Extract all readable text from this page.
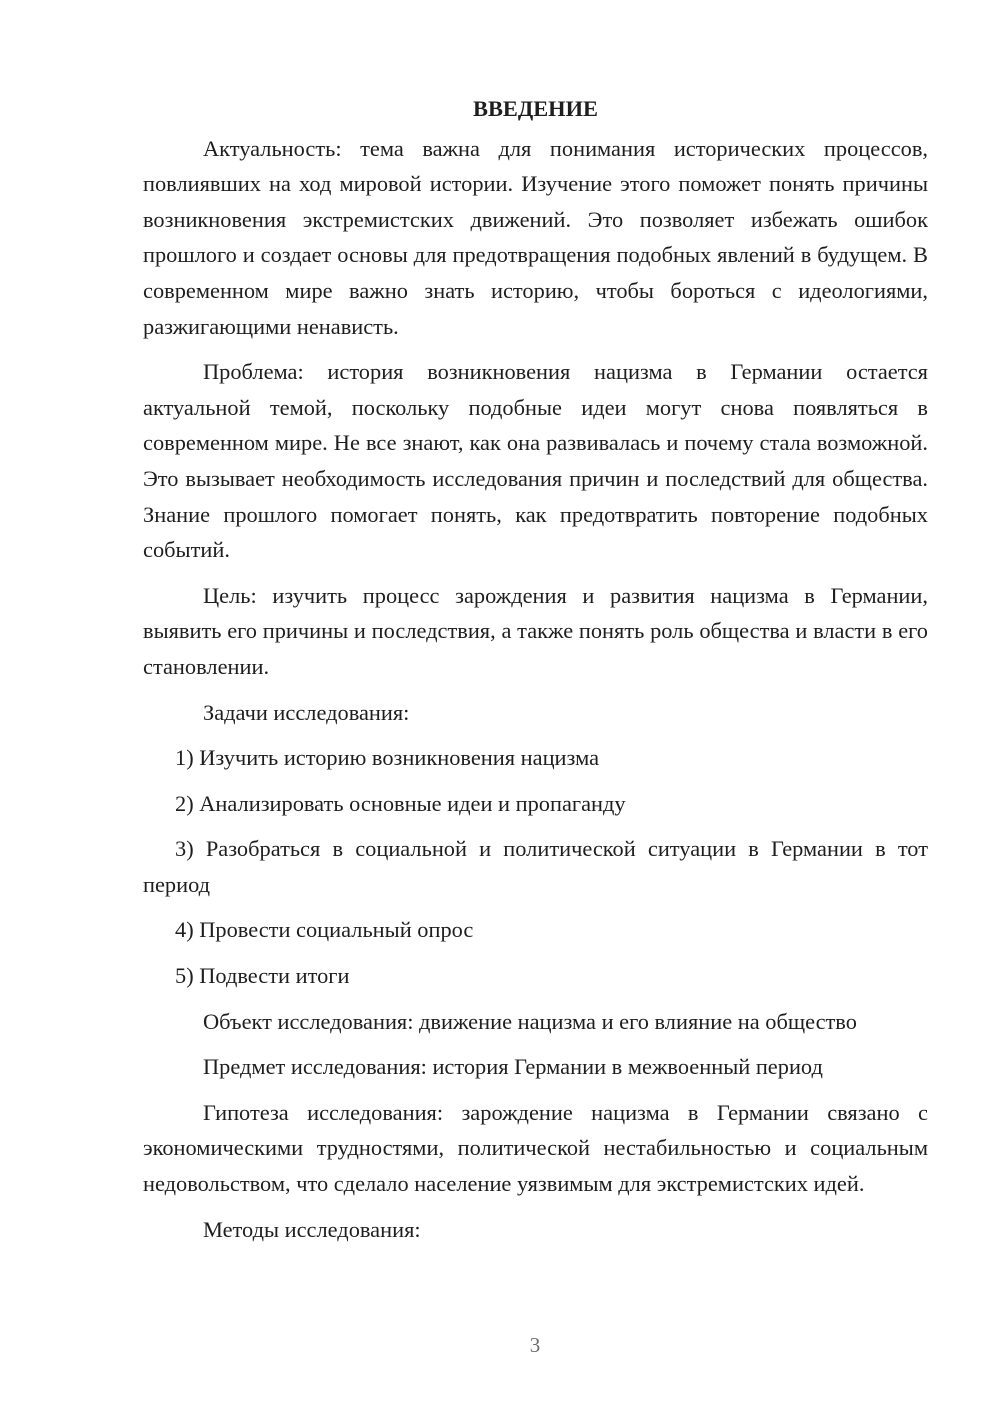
ВВЕДЕНИЕ

Актуальность: тема важна для понимания исторических процессов, повлиявших на ход мировой истории. Изучение этого поможет понять причины возникновения экстремистских движений. Это позволяет избежать ошибок прошлого и создает основы для предотвращения подобных явлений в будущем. В современном мире важно знать историю, чтобы бороться с идеологиями, разжигающими ненависть.

Проблема: история возникновения нацизма в Германии остается актуальной темой, поскольку подобные идеи могут снова появляться в современном мире. Не все знают, как она развивалась и почему стала возможной. Это вызывает необходимость исследования причин и последствий для общества. Знание прошлого помогает понять, как предотвратить повторение подобных событий.

Цель: изучить процесс зарождения и развития нацизма в Германии, выявить его причины и последствия, а также понять роль общества и власти в его становлении.

Задачи исследования:

1) Изучить историю возникновения нацизма

2) Анализировать основные идеи и пропаганду

3) Разобраться в социальной и политической ситуации в Германии в тот период

4) Провести социальный опрос

5) Подвести итоги

Объект исследования: движение нацизма и его влияние на общество

Предмет исследования: история Германии в межвоенный период

Гипотеза исследования: зарождение нацизма в Германии связано с экономическими трудностями, политической нестабильностью и социальным недовольством, что сделало население уязвимым для экстремистских идей.

Методы исследования:

3
